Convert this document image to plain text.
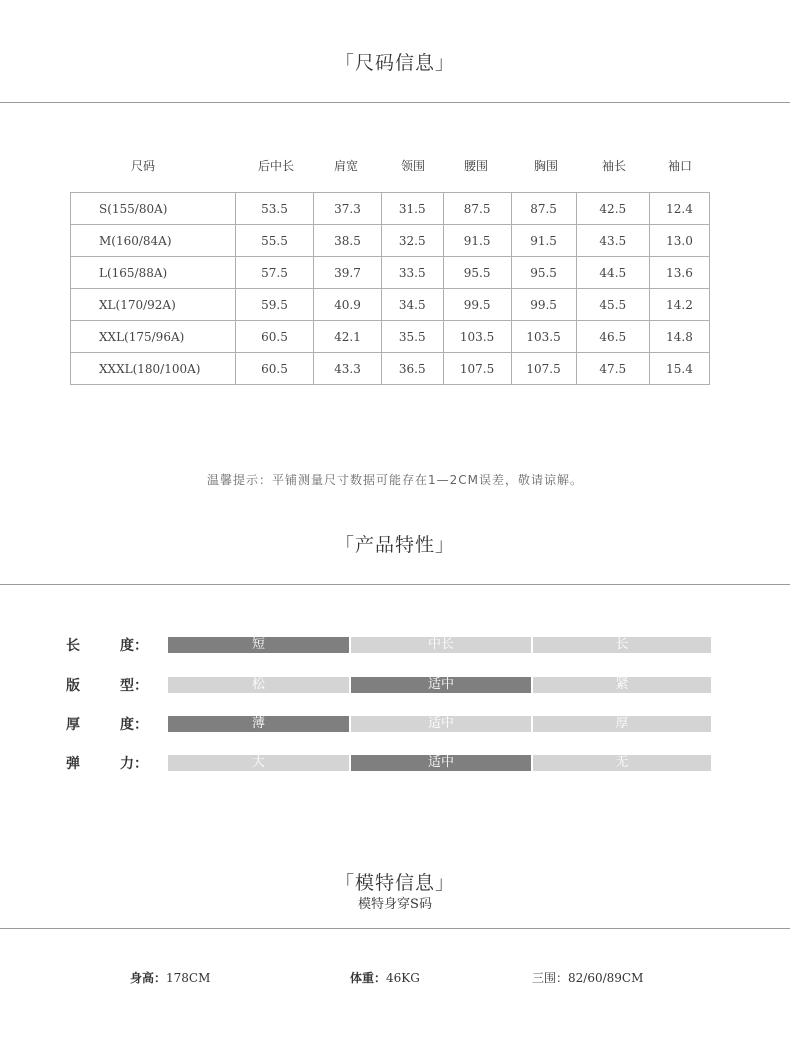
「尺码信息」
尺码	后中长	肩宽	领围	腰围	胸围	袖长	袖口
S(155/80A)	53.5	37.3	31.5	87.5	87.5	42.5	12.4
M(160/84A)	55.5	38.5	32.5	91.5	91.5	43.5	13.0
L(165/88A)	57.5	39.7	33.5	95.5	95.5	44.5	13.6
XL(170/92A)	59.5	40.9	34.5	99.5	99.5	45.5	14.2
XXL(175/96A)	60.5	42.1	35.5	103.5	103.5	46.5	14.8
XXXL(180/100A)	60.5	43.3	36.5	107.5	107.5	47.5	15.4
温馨提示：平铺测量尺寸数据可能存在1—2CM误差，敬请谅解。
「产品特性」
长	度：	短	中长	长
版	型：	松	适中	紧
厚	度：	薄	适中	厚
弹	力：	大	适中	无
「模特信息」
模特身穿S码
身高：178CM	体重：46KG	三围：82/60/89CM
